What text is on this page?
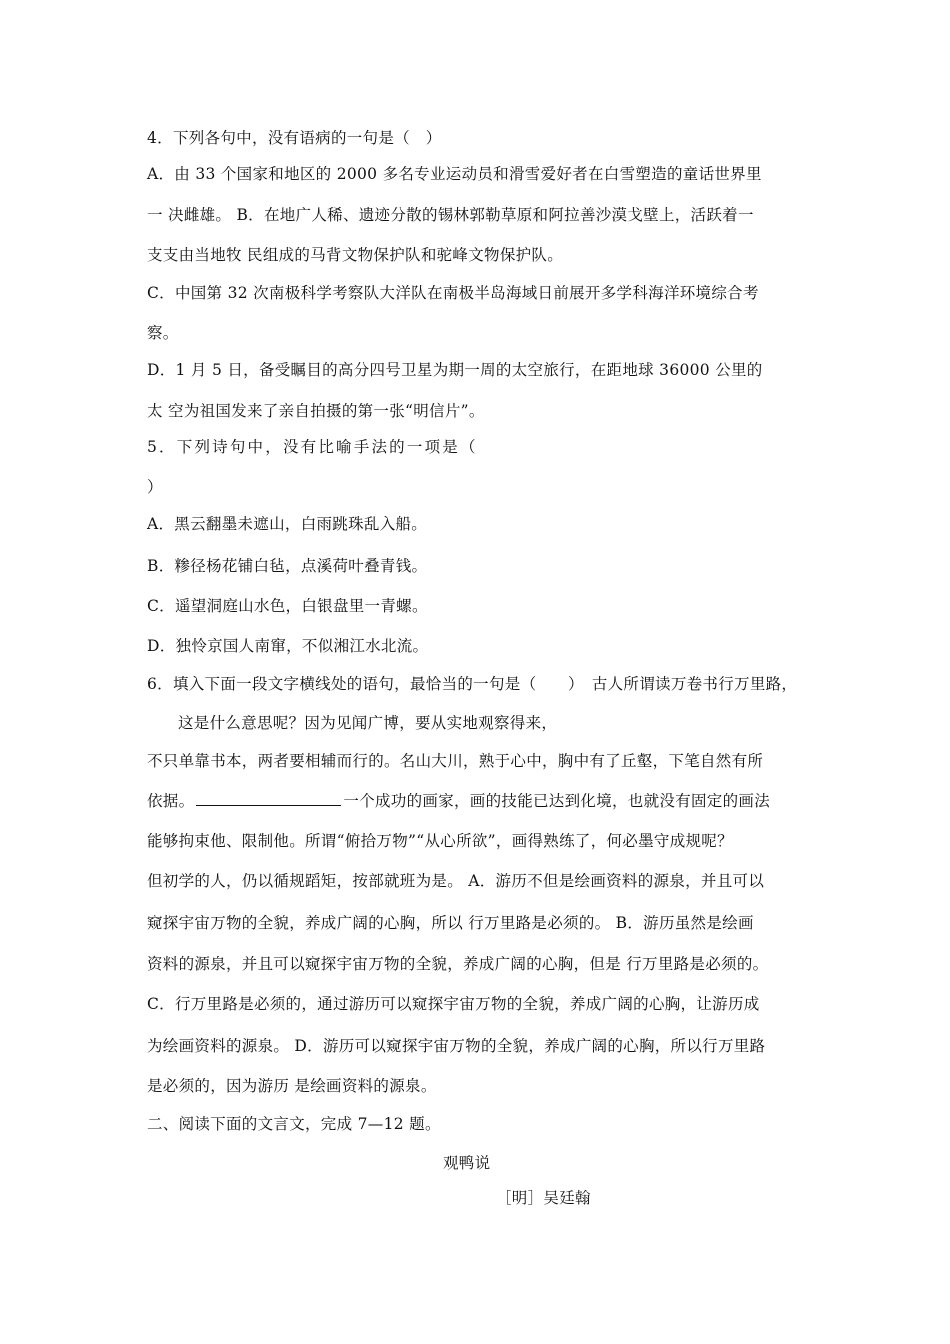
4．下列各句中，没有语病的一句是（　）

A．由 33 个国家和地区的 2000 多名专业运动员和滑雪爱好者在白雪塑造的童话世界里

一 决雌雄。 B．在地广人稀、遗迹分散的锡林郭勒草原和阿拉善沙漠戈壁上，活跃着一

支支由当地牧 民组成的马背文物保护队和驼峰文物保护队。

C．中国第 32 次南极科学考察队大洋队在南极半岛海域日前展开多学科海洋环境综合考

察。

D．1 月 5 日，备受瞩目的高分四号卫星为期一周的太空旅行，在距地球 36000 公里的

太 空为祖国发来了亲自拍摄的第一张“明信片”。

5．下列诗句中，没有比喻手法的一项是（

）

A．黑云翻墨未遮山，白雨跳珠乱入船。

B．糁径杨花铺白毡，点溪荷叶叠青钱。

C．遥望洞庭山水色，白银盘里一青螺。

D．独怜京国人南窜，不似湘江水北流。

6．填入下面一段文字横线处的语句，最恰当的一句是（　　）　古人所谓读万卷书行万里路，

这是什么意思呢？因为见闻广博，要从实地观察得来，

不只单靠书本，两者要相辅而行的。名山大川，熟于心中，胸中有了丘壑，下笔自然有所

依据。	一个成功的画家，画的技能已达到化境，也就没有固定的画法

能够拘束他、限制他。所谓“俯拾万物”“从心所欲”，画得熟练了，何必墨守成规呢？

但初学的人，仍以循规蹈矩，按部就班为是。 A．游历不但是绘画资料的源泉，并且可以

窥探宇宙万物的全貌，养成广阔的心胸，所以 行万里路是必须的。 B．游历虽然是绘画

资料的源泉，并且可以窥探宇宙万物的全貌，养成广阔的心胸，但是 行万里路是必须的。

C．行万里路是必须的，通过游历可以窥探宇宙万物的全貌，养成广阔的心胸，让游历成

为绘画资料的源泉。 D．游历可以窥探宇宙万物的全貌，养成广阔的心胸，所以行万里路

是必须的，因为游历 是绘画资料的源泉。

二、阅读下面的文言文，完成 7—12 题。

观鸭说

［明］吴廷翰
